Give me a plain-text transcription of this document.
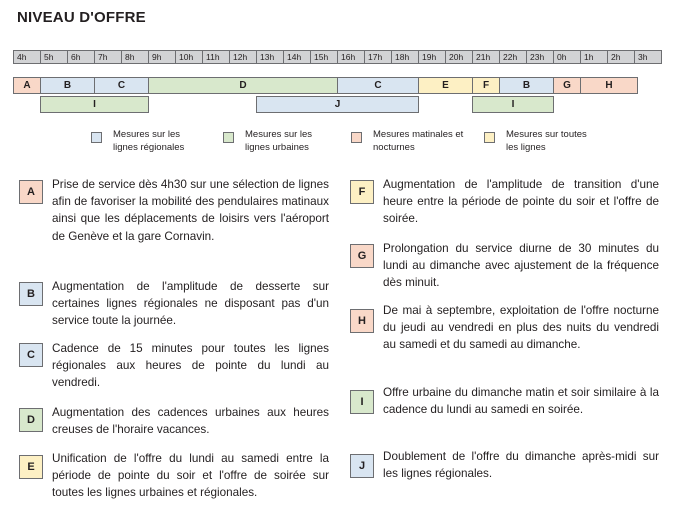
NIVEAU D'OFFRE
4h	5h	6h	7h	8h	9h	10h	11h	12h	13h	14h	15h	16h	17h	18h	19h	20h	21h	22h	23h	0h	1h	2h	3h
A	B	C	D	C	E	F	B	G	H
I	J	I
Mesures sur les lignes régionales
Mesures sur les lignes urbaines
Mesures matinales et nocturnes
Mesures sur toutes les lignes
A
Prise de service dès 4h30 sur une sélection de lignes afin de favoriser la mobilité des pendulaires matinaux ainsi que les déplacements de loisirs vers l'aéroport de Genève et la gare Cornavin.
B
Augmentation de l'amplitude de desserte sur certaines lignes régionales ne disposant pas d'un service toute la journée.
C	Cadence de 15 minutes pour toutes les lignes régionales aux heures de pointe du lundi au vendredi.
D
Augmentation des cadences urbaines aux heures creuses de l'horaire vacances.
E
Unification de l'offre du lundi au samedi entre la période de pointe du soir et l'offre de soirée sur toutes les lignes urbaines et régionales.
F
Augmentation de l'amplitude de transition d'une heure entre la période de pointe du soir et l'offre de soirée.
G
Prolongation du service diurne de 30 minutes du lundi au dimanche avec ajustement de la fréquence dès minuit.
H
De mai à septembre, exploitation de l'offre nocturne du jeudi au vendredi en plus des nuits du vendredi au samedi et du samedi au dimanche.
I
Offre urbaine du dimanche matin et soir similaire à la cadence du lundi au samedi en soirée.
J
Doublement de l'offre du dimanche après-midi sur les lignes régionales.
